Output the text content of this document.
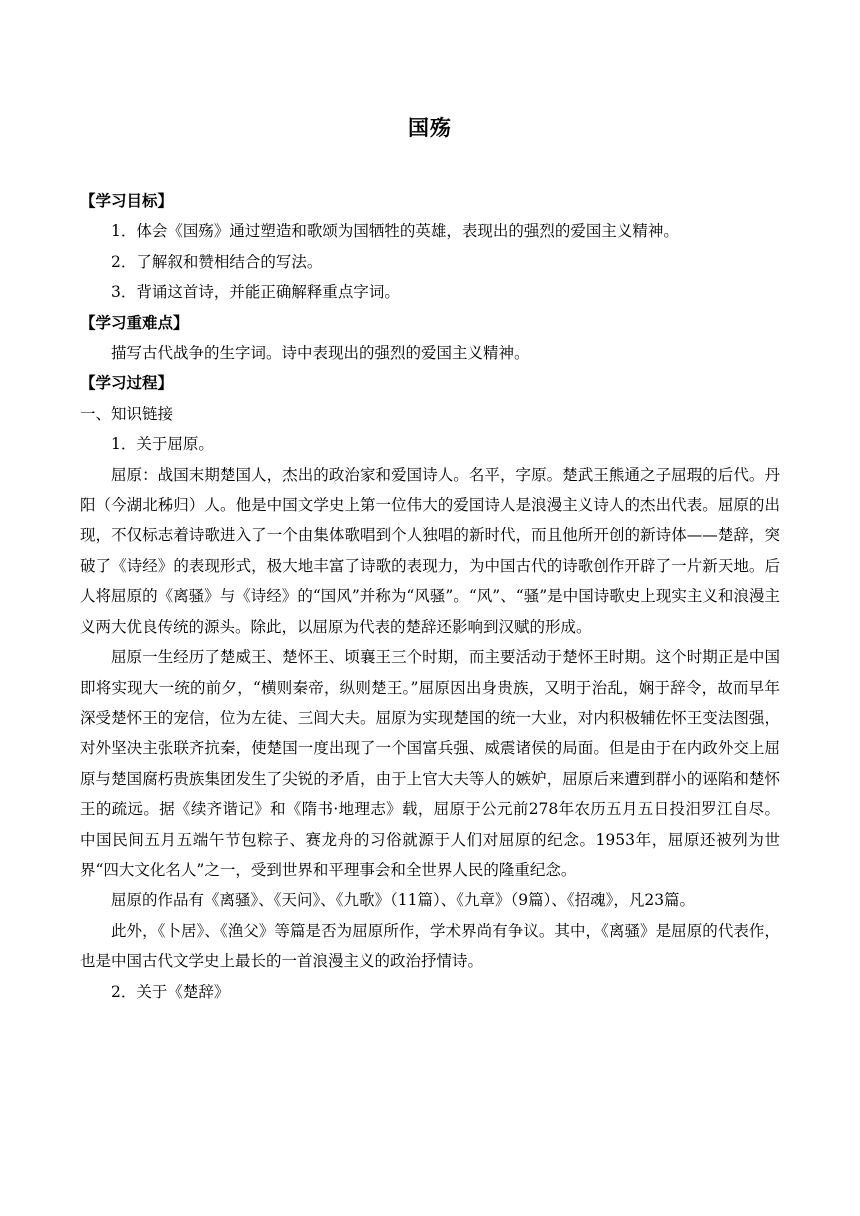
国殇

【学习目标】

1．体会《国殇》通过塑造和歌颂为国牺牲的英雄，表现出的强烈的爱国主义精神。

2．了解叙和赞相结合的写法。

3．背诵这首诗，并能正确解释重点字词。

【学习重难点】

描写古代战争的生字词。诗中表现出的强烈的爱国主义精神。

【学习过程】

一、知识链接

1．关于屈原。

屈原：战国末期楚国人，杰出的政治家和爱国诗人。名平，字原。楚武王熊通之子屈瑕的后代。丹阳（今湖北秭归）人。他是中国文学史上第一位伟大的爱国诗人是浪漫主义诗人的杰出代表。屈原的出现，不仅标志着诗歌进入了一个由集体歌唱到个人独唱的新时代，而且他所开创的新诗体——楚辞，突破了《诗经》的表现形式，极大地丰富了诗歌的表现力，为中国古代的诗歌创作开辟了一片新天地。后人将屈原的《离骚》与《诗经》的“国风”并称为“风骚”。“风”、“骚”是中国诗歌史上现实主义和浪漫主义两大优良传统的源头。除此，以屈原为代表的楚辞还影响到汉赋的形成。

屈原一生经历了楚威王、楚怀王、顷襄王三个时期，而主要活动于楚怀王时期。这个时期正是中国即将实现大一统的前夕，“横则秦帝，纵则楚王。”屈原因出身贵族，又明于治乱，娴于辞令，故而早年深受楚怀王的宠信，位为左徒、三闾大夫。屈原为实现楚国的统一大业，对内积极辅佐怀王变法图强，对外坚决主张联齐抗秦，使楚国一度出现了一个国富兵强、威震诸侯的局面。但是由于在内政外交上屈原与楚国腐朽贵族集团发生了尖锐的矛盾，由于上官大夫等人的嫉妒，屈原后来遭到群小的诬陷和楚怀王的疏远。据《续齐谐记》和《隋书·地理志》载，屈原于公元前278年农历五月五日投汨罗江自尽。中国民间五月五端午节包粽子、赛龙舟的习俗就源于人们对屈原的纪念。1953年，屈原还被列为世界“四大文化名人”之一，受到世界和平理事会和全世界人民的隆重纪念。

屈原的作品有《离骚》、《天问》、《九歌》（11篇）、《九章》（9篇）、《招魂》，凡23篇。

此外，《卜居》、《渔父》等篇是否为屈原所作，学术界尚有争议。其中，《离骚》是屈原的代表作，也是中国古代文学史上最长的一首浪漫主义的政治抒情诗。

2．关于《楚辞》
